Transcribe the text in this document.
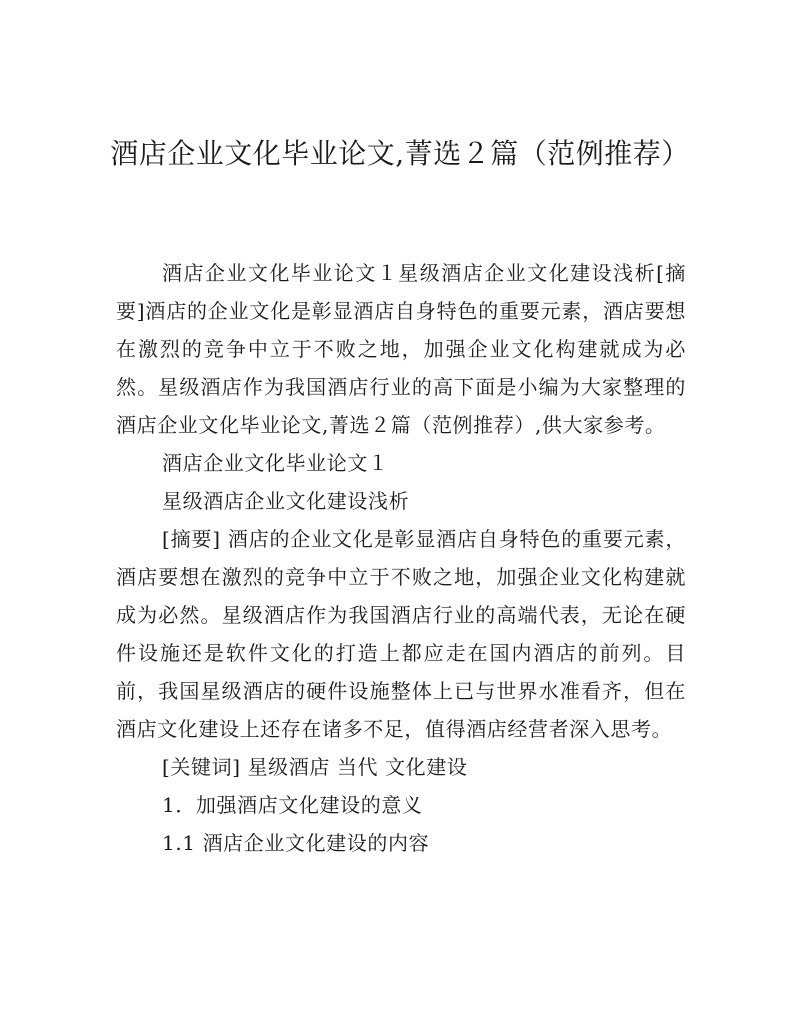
酒店企业文化毕业论文,菁选２篇（范例推荐）

酒店企业文化毕业论文１星级酒店企业文化建设浅析[摘要]酒店的企业文化是彰显酒店自身特色的重要元素，酒店要想在激烈的竞争中立于不败之地，加强企业文化构建就成为必然。星级酒店作为我国酒店行业的高下面是小编为大家整理的酒店企业文化毕业论文,菁选２篇（范例推荐）,供大家参考。

酒店企业文化毕业论文１

星级酒店企业文化建设浅析

[摘要] 酒店的企业文化是彰显酒店自身特色的重要元素，酒店要想在激烈的竞争中立于不败之地，加强企业文化构建就成为必然。星级酒店作为我国酒店行业的高端代表，无论在硬件设施还是软件文化的打造上都应走在国内酒店的前列。目前，我国星级酒店的硬件设施整体上已与世界水准看齐，但在酒店文化建设上还存在诸多不足，值得酒店经营者深入思考。

[关键词] 星级酒店 当代 文化建设

1．加强酒店文化建设的意义

1.1 酒店企业文化建设的内容
